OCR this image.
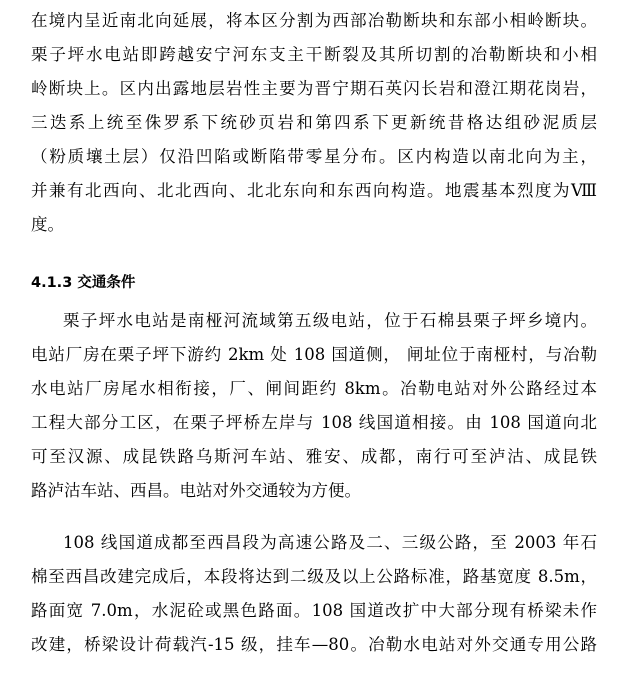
在境内呈近南北向延展，将本区分割为西部冶勒断块和东部小相岭断块。
栗子坪水电站即跨越安宁河东支主干断裂及其所切割的冶勒断块和小相
岭断块上。区内出露地层岩性主要为晋宁期石英闪长岩和澄江期花岗岩，
三迭系上统至侏罗系下统砂页岩和第四系下更新统昔格达组砂泥质层
（粉质壤土层）仅沿凹陷或断陷带零星分布。区内构造以南北向为主，
并兼有北西向、北北西向、北北东向和东西向构造。地震基本烈度为Ⅷ
度。
4.1.3 交通条件
栗子坪水电站是南桠河流域第五级电站，位于石棉县栗子坪乡境内。
电站厂房在栗子坪下游约 2km 处 108 国道侧， 闸址位于南桠村，与冶勒
水电站厂房尾水相衔接，厂、闸间距约 8km。冶勒电站对外公路经过本
工程大部分工区，在栗子坪桥左岸与 108 线国道相接。由 108 国道向北
可至汉源、成昆铁路乌斯河车站、雅安、成都，南行可至泸沽、成昆铁
路泸沽车站、西昌。电站对外交通较为方便。
108 线国道成都至西昌段为高速公路及二、三级公路，至 2003 年石
棉至西昌改建完成后，本段将达到二级及以上公路标准，路基宽度 8.5m，
路面宽 7.0m，水泥砼或黑色路面。108 国道改扩中大部分现有桥梁未作
改建，桥梁设计荷载汽-15 级，挂车—80。冶勒水电站对外交通专用公路
